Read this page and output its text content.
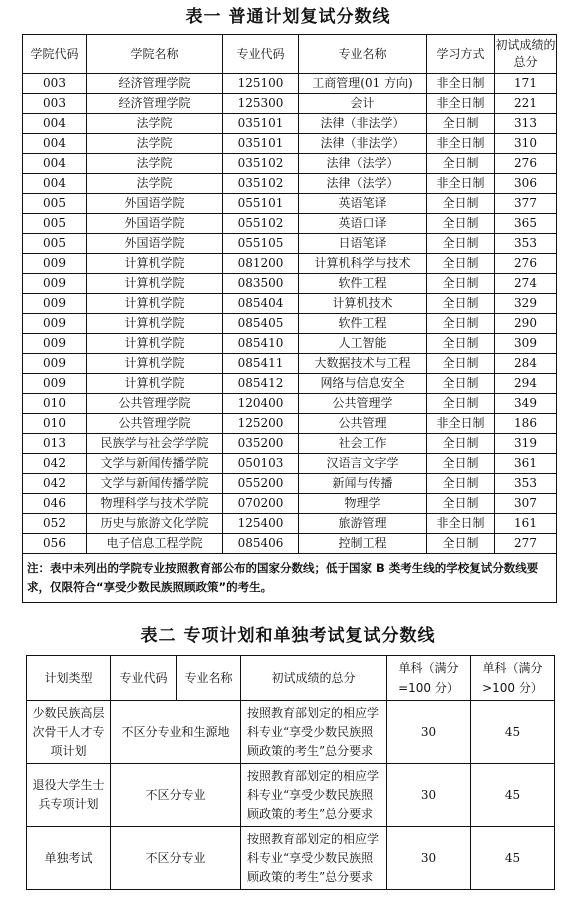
表一 普通计划复试分数线
学院代码	学院名称	专业代码	专业名称	学习方式	初试成绩的总分
003	经济管理学院	125100	工商管理(01 方向)	非全日制	171
003	经济管理学院	125300	会计	非全日制	221
004	法学院	035101	法律（非法学）	全日制	313
004	法学院	035101	法律（非法学）	非全日制	310
004	法学院	035102	法律（法学）	全日制	276
004	法学院	035102	法律（法学）	非全日制	306
005	外国语学院	055101	英语笔译	全日制	377
005	外国语学院	055102	英语口译	全日制	365
005	外国语学院	055105	日语笔译	全日制	353
009	计算机学院	081200	计算机科学与技术	全日制	276
009	计算机学院	083500	软件工程	全日制	274
009	计算机学院	085404	计算机技术	全日制	329
009	计算机学院	085405	软件工程	全日制	290
009	计算机学院	085410	人工智能	全日制	309
009	计算机学院	085411	大数据技术与工程	全日制	284
009	计算机学院	085412	网络与信息安全	全日制	294
010	公共管理学院	120400	公共管理学	全日制	349
010	公共管理学院	125200	公共管理	非全日制	186
013	民族学与社会学学院	035200	社会工作	全日制	319
042	文学与新闻传播学院	050103	汉语言文字学	全日制	361
042	文学与新闻传播学院	055200	新闻与传播	全日制	353
046	物理科学与技术学院	070200	物理学	全日制	307
052	历史与旅游文化学院	125400	旅游管理	非全日制	161
056	电子信息工程学院	085406	控制工程	全日制	277
注：表中未列出的学院专业按照教育部公布的国家分数线；低于国家 B 类考生线的学校复试分数线要求，仅限符合“享受少数民族照顾政策”的考生。					
表二 专项计划和单独考试复试分数线
计划类型	专业代码	专业名称	初试成绩的总分	单科（满分=100 分）	单科（满分>100 分）
少数民族高层次骨干人才专项计划	不区分专业和生源地		按照教育部划定的相应学科专业“享受少数民族照顾政策的考生”总分要求	30	45
退役大学生士兵专项计划	不区分专业		按照教育部划定的相应学科专业“享受少数民族照顾政策的考生”总分要求	30	45
单独考试	不区分专业		按照教育部划定的相应学科专业“享受少数民族照顾政策的考生”总分要求	30	45
